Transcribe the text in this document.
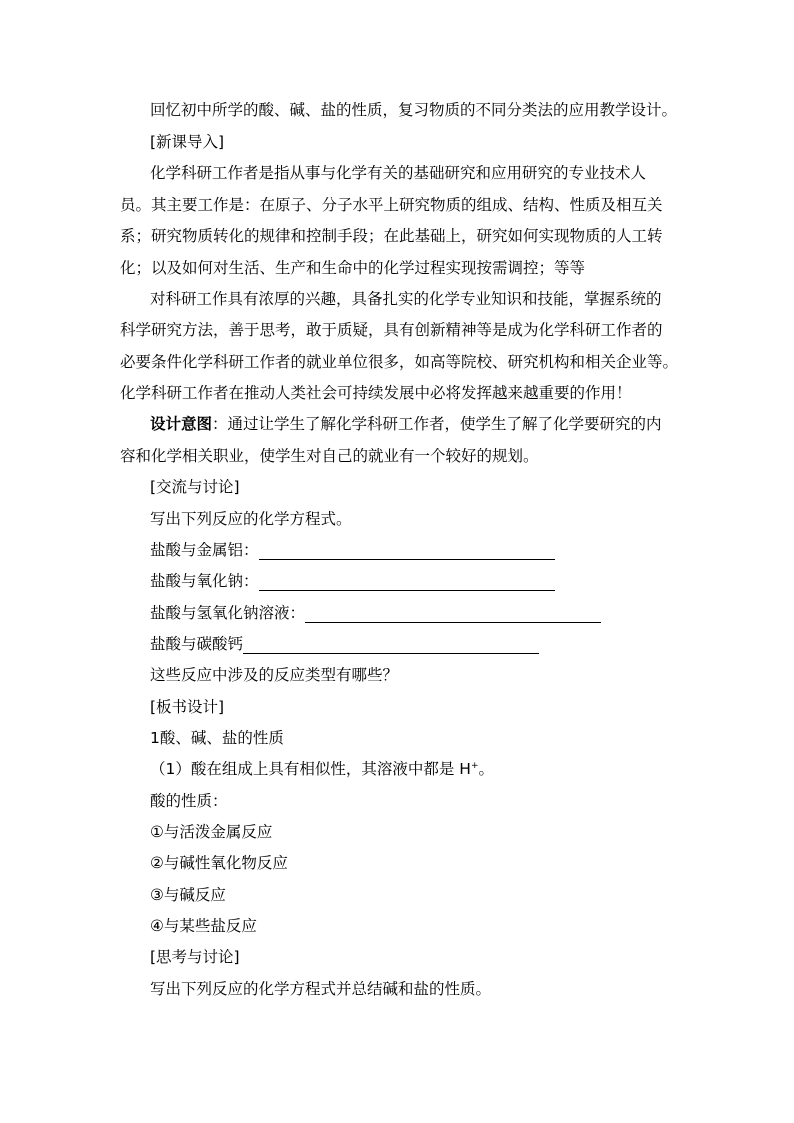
回忆初中所学的酸、碱、盐的性质，复习物质的不同分类法的应用教学设计。
[新课导入]
化学科研工作者是指从事与化学有关的基础研究和应用研究的专业技术人
员。其主要工作是：在原子、分子水平上研究物质的组成、结构、性质及相互关
系；研究物质转化的规律和控制手段；在此基础上，研究如何实现物质的人工转
化；以及如何对生活、生产和生命中的化学过程实现按需调控；等等
对科研工作具有浓厚的兴趣，具备扎实的化学专业知识和技能，掌握系统的
科学研究方法，善于思考，敢于质疑，具有创新精神等是成为化学科研工作者的
必要条件化学科研工作者的就业单位很多，如高等院校、研究机构和相关企业等。
化学科研工作者在推动人类社会可持续发展中必将发挥越来越重要的作用！
设计意图：通过让学生了解化学科研工作者，使学生了解了化学要研究的内
容和化学相关职业，使学生对自己的就业有一个较好的规划。
[交流与讨论]
写出下列反应的化学方程式。
盐酸与金属铝：
盐酸与氧化钠：
盐酸与氢氧化钠溶液：
盐酸与碳酸钙
这些反应中涉及的反应类型有哪些？
[板书设计]
1酸、碱、盐的性质
（1）酸在组成上具有相似性，其溶液中都是 H+。
酸的性质：
①与活泼金属反应
②与碱性氧化物反应
③与碱反应
④与某些盐反应
[思考与讨论]
写出下列反应的化学方程式并总结碱和盐的性质。
